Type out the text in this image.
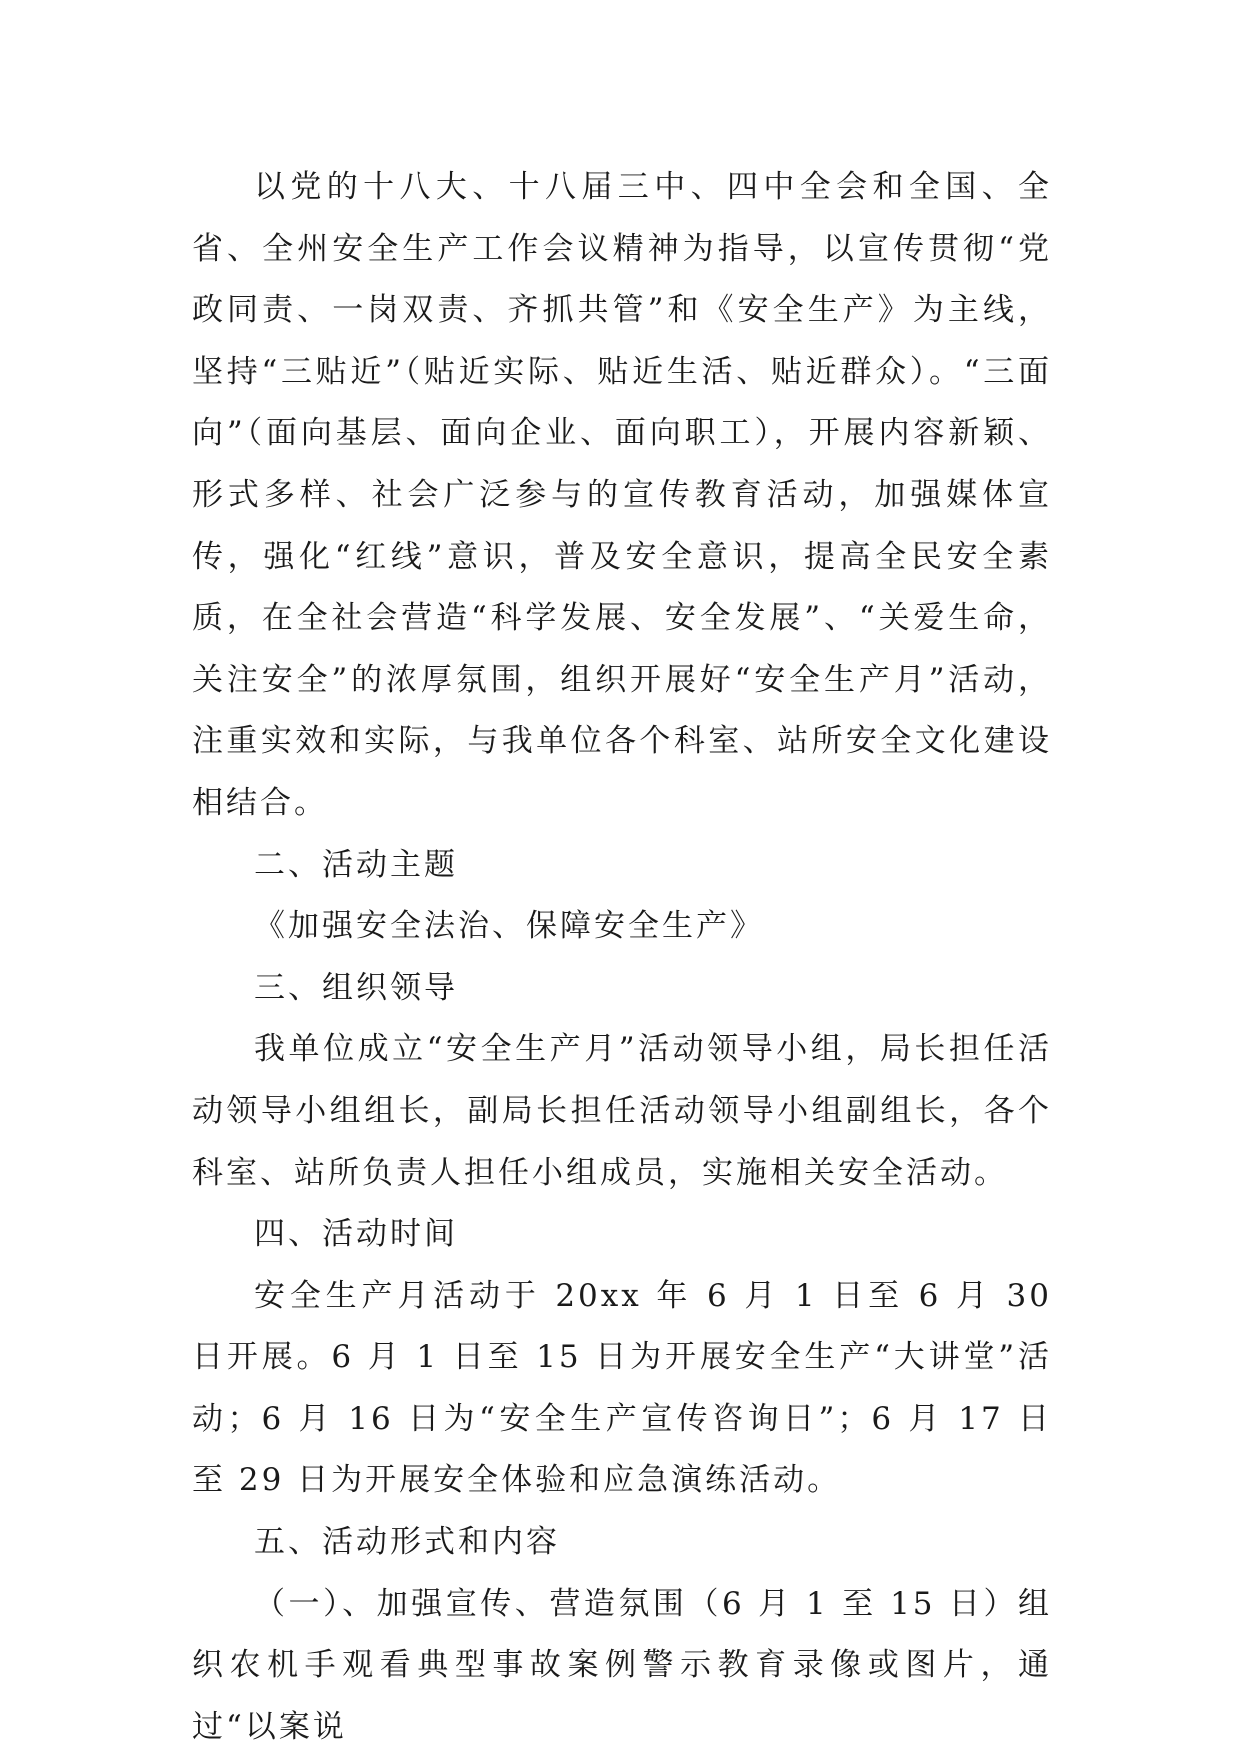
以党的十八大、十八届三中、四中全会和全国、全省、全州安全生产工作会议精神为指导，以宣传贯彻“党政同责、一岗双责、齐抓共管”和《安全生产》为主线，坚持“三贴近”（贴近实际、贴近生活、贴近群众）。“三面向”（面向基层、面向企业、面向职工），开展内容新颖、形式多样、社会广泛参与的宣传教育活动，加强媒体宣传，强化“红线”意识，普及安全意识，提高全民安全素质，在全社会营造“科学发展、安全发展”、“关爱生命，关注安全”的浓厚氛围，组织开展好“安全生产月”活动，注重实效和实际，与我单位各个科室、站所安全文化建设相结合。

二、活动主题

《加强安全法治、保障安全生产》

三、组织领导

我单位成立“安全生产月”活动领导小组，局长担任活动领导小组组长，副局长担任活动领导小组副组长，各个科室、站所负责人担任小组成员，实施相关安全活动。

四、活动时间

安全生产月活动于 20xx 年 6 月 1 日至 6 月 30 日开展。6 月 1 日至 15 日为开展安全生产“大讲堂”活动；6 月 16 日为“安全生产宣传咨询日”；6 月 17 日至 29 日为开展安全体验和应急演练活动。

五、活动形式和内容

（一）、加强宣传、营造氛围（6 月 1 至 15 日）组织农机手观看典型事故案例警示教育录像或图片，通过“以案说
